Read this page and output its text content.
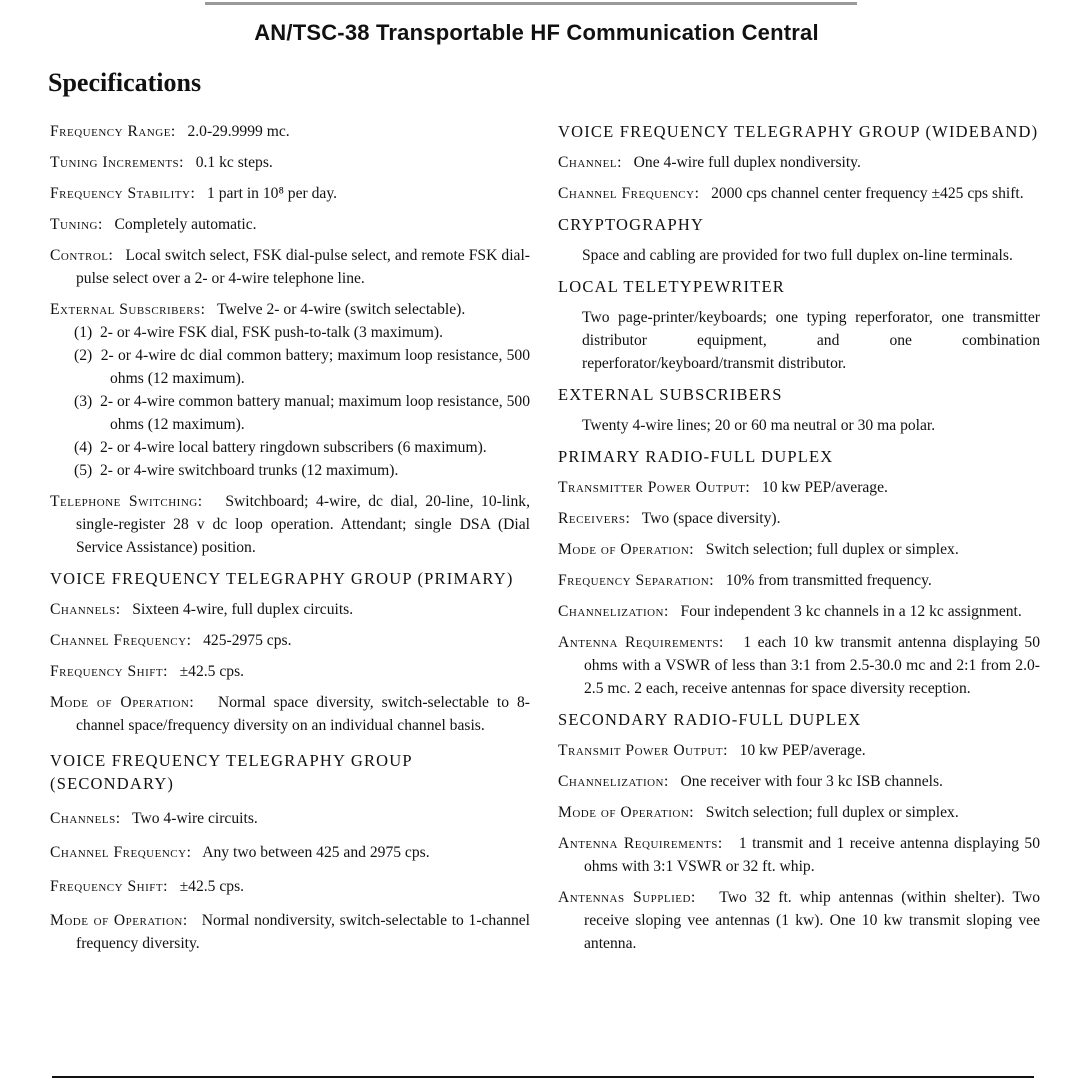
AN/TSC-38 Transportable HF Communication Central
Specifications

Frequency Range: 2.0-29.9999 mc.

Tuning Increments: 0.1 kc steps.

Frequency Stability: 1 part in 10⁸ per day.

Tuning: Completely automatic.

Control: Local switch select, FSK dial-pulse select, and remote FSK dial-pulse select over a 2- or 4-wire telephone line.

External Subscribers: Twelve 2- or 4-wire (switch selectable).

(1) 2- or 4-wire FSK dial, FSK push-to-talk (3 maximum).

(2) 2- or 4-wire dc dial common battery; maximum loop resistance, 500 ohms (12 maximum).

(3) 2- or 4-wire common battery manual; maximum loop resistance, 500 ohms (12 maximum).

(4) 2- or 4-wire local battery ringdown subscribers (6 maximum).

(5) 2- or 4-wire switchboard trunks (12 maximum).

Telephone Switching: Switchboard; 4-wire, dc dial, 20-line, 10-link, single-register 28 v dc loop operation. Attendant; single DSA (Dial Service Assistance) position.

VOICE FREQUENCY TELEGRAPHY GROUP (PRIMARY)

Channels: Sixteen 4-wire, full duplex circuits.

Channel Frequency: 425-2975 cps.

Frequency Shift: ±42.5 cps.

Mode of Operation: Normal space diversity, switch-selectable to 8-channel space/frequency diversity on an individual channel basis.

VOICE FREQUENCY TELEGRAPHY GROUP (SECONDARY)

Channels: Two 4-wire circuits.

Channel Frequency: Any two between 425 and 2975 cps.

Frequency Shift: ±42.5 cps.

Mode of Operation: Normal nondiversity, switch-selectable to 1-channel frequency diversity.

VOICE FREQUENCY TELEGRAPHY GROUP (WIDEBAND)

Channel: One 4-wire full duplex nondiversity.

Channel Frequency: 2000 cps channel center frequency ±425 cps shift.

CRYPTOGRAPHY

Space and cabling are provided for two full duplex on-line terminals.

LOCAL TELETYPEWRITER

Two page-printer/keyboards; one typing reperforator, one transmitter distributor equipment, and one combination reperforator/keyboard/transmit distributor.

EXTERNAL SUBSCRIBERS

Twenty 4-wire lines; 20 or 60 ma neutral or 30 ma polar.

PRIMARY RADIO-FULL DUPLEX

Transmitter Power Output: 10 kw PEP/average.

Receivers: Two (space diversity).

Mode of Operation: Switch selection; full duplex or simplex.

Frequency Separation: 10% from transmitted frequency.

Channelization: Four independent 3 kc channels in a 12 kc assignment.

Antenna Requirements: 1 each 10 kw transmit antenna displaying 50 ohms with a VSWR of less than 3:1 from 2.5-30.0 mc and 2:1 from 2.0-2.5 mc. 2 each, receive antennas for space diversity reception.

SECONDARY RADIO-FULL DUPLEX

Transmit Power Output: 10 kw PEP/average.

Channelization: One receiver with four 3 kc ISB channels.

Mode of Operation: Switch selection; full duplex or simplex.

Antenna Requirements: 1 transmit and 1 receive antenna displaying 50 ohms with 3:1 VSWR or 32 ft. whip.

Antennas Supplied: Two 32 ft. whip antennas (within shelter). Two receive sloping vee antennas (1 kw). One 10 kw transmit sloping vee antenna.
